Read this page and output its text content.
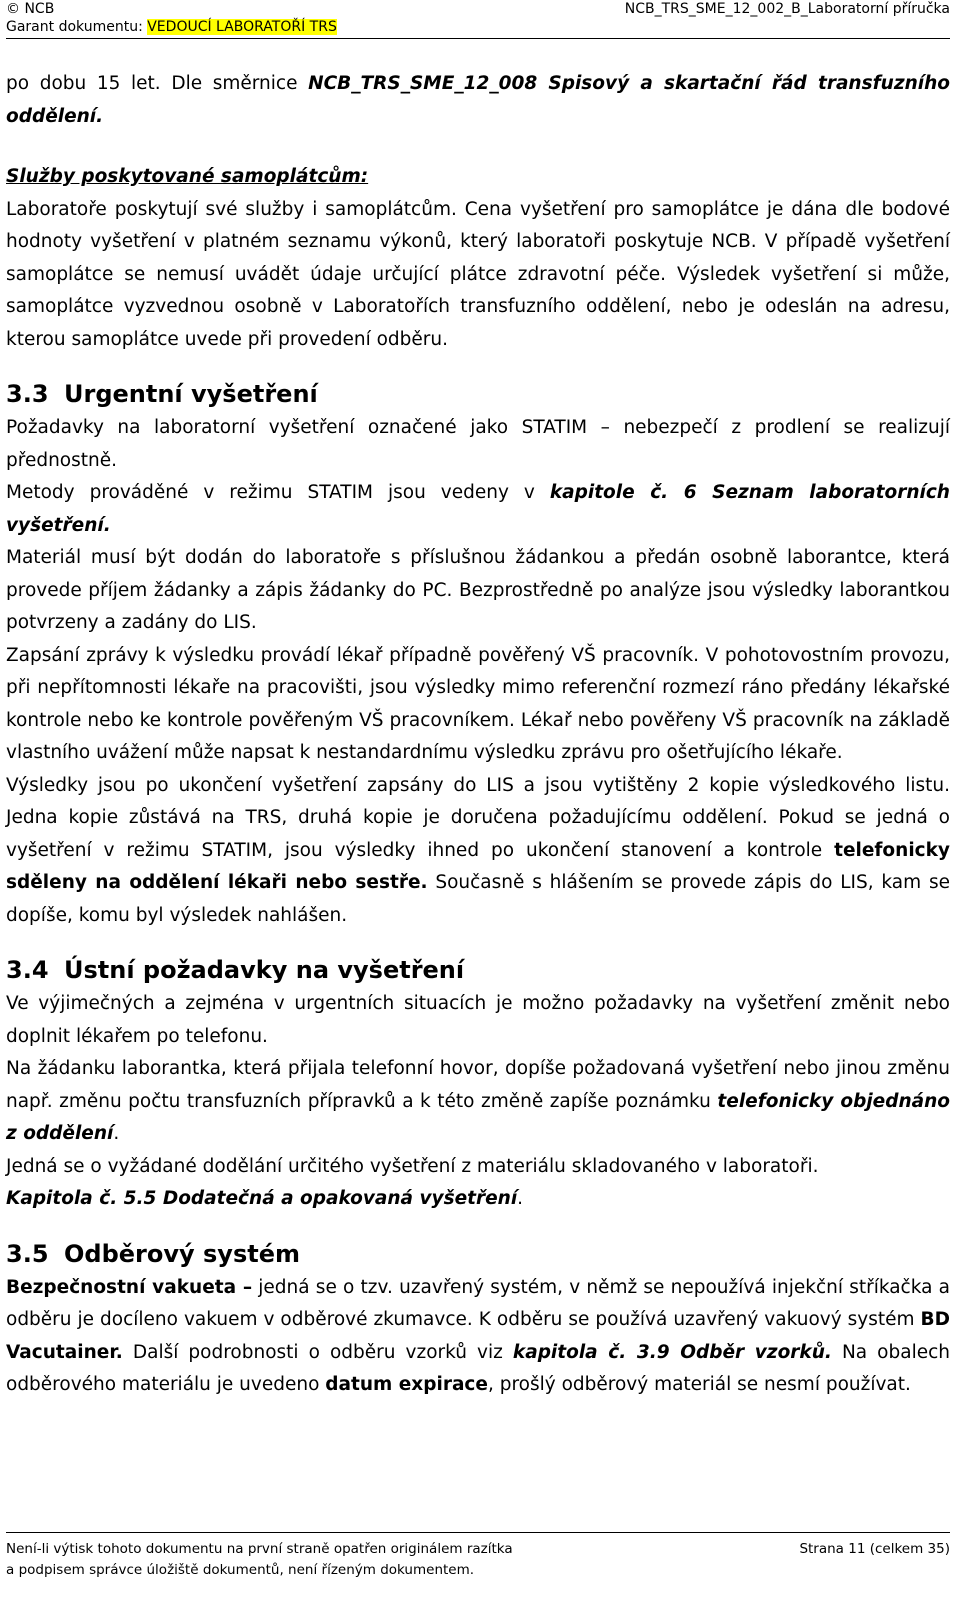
© NCB	NCB_TRS_SME_12_002_B_Laboratorní příručka
Garant dokumentu: VEDOUCÍ LABORATOŘÍ TRS

po dobu 15 let. Dle směrnice NCB_TRS_SME_12_008 Spisový a skartační řád transfuzního oddělení.

Služby poskytované samoplátcům:

Laboratoře poskytují své služby i samoplátcům. Cena vyšetření pro samoplátce je dána dle bodové hodnoty vyšetření v platném seznamu výkonů, který laboratoři poskytuje NCB. V případě vyšetření samoplátce se nemusí uvádět údaje určující plátce zdravotní péče. Výsledek vyšetření si může, samoplátce vyzvednou osobně v Laboratořích transfuzního oddělení, nebo je odeslán na adresu, kterou samoplátce uvede při provedení odběru.

3.3 Urgentní vyšetření

Požadavky na laboratorní vyšetření označené jako STATIM – nebezpečí z prodlení se realizují přednostně.

Metody prováděné v režimu STATIM jsou vedeny v kapitole č. 6 Seznam laboratorních vyšetření.

Materiál musí být dodán do laboratoře s příslušnou žádankou a předán osobně laborantce, která provede příjem žádanky a zápis žádanky do PC. Bezprostředně po analýze jsou výsledky laborantkou potvrzeny a zadány do LIS.

Zapsání zprávy k výsledku provádí lékař případně pověřený VŠ pracovník. V pohotovostním provozu, při nepřítomnosti lékaře na pracovišti, jsou výsledky mimo referenční rozmezí ráno předány lékařské kontrole nebo ke kontrole pověřeným VŠ pracovníkem. Lékař nebo pověřeny VŠ pracovník na základě vlastního uvážení může napsat k nestandardnímu výsledku zprávu pro ošetřujícího lékaře.

Výsledky jsou po ukončení vyšetření zapsány do LIS a jsou vytištěny 2 kopie výsledkového listu. Jedna kopie zůstává na TRS, druhá kopie je doručena požadujícímu oddělení. Pokud se jedná o vyšetření v režimu STATIM, jsou výsledky ihned po ukončení stanovení a kontrole telefonicky sděleny na oddělení lékaři nebo sestře. Současně s hlášením se provede zápis do LIS, kam se dopíše, komu byl výsledek nahlášen.

3.4 Ústní požadavky na vyšetření

Ve výjimečných a zejména v urgentních situacích je možno požadavky na vyšetření změnit nebo doplnit lékařem po telefonu.

Na žádanku laborantka, která přijala telefonní hovor, dopíše požadovaná vyšetření nebo jinou změnu např. změnu počtu transfuzních přípravků a k této změně zapíše poznámku telefonicky objednáno z oddělení.

Jedná se o vyžádané dodělání určitého vyšetření z materiálu skladovaného v laboratoři.

Kapitola č. 5.5 Dodatečná a opakovaná vyšetření.

3.5 Odběrový systém

Bezpečnostní vakueta – jedná se o tzv. uzavřený systém, v němž se nepoužívá injekční stříkačka a odběru je docíleno vakuem v odběrové zkumavce. K odběru se používá uzavřený vakuový systém BD Vacutainer. Další podrobnosti o odběru vzorků viz kapitola č. 3.9 Odběr vzorků. Na obalech odběrového materiálu je uvedeno datum expirace, prošlý odběrový materiál se nesmí používat.

Není-li výtisk tohoto dokumentu na první straně opatřen originálem razítka	Strana 11 (celkem 35)
a podpisem správce úložiště dokumentů, není řízeným dokumentem.
